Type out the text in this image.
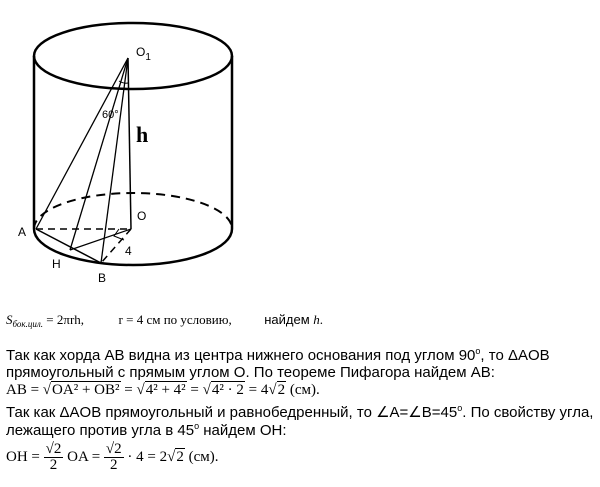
$O_1$
h
60°
O
A
H
B
4
$S_{бок.цил.} = 2\pi rh$,	r = 4 см по условию,	найдем h.
Так как хорда AB видна из центра нижнего основания под углом 90$^o$, то ΔAOB
прямоугольный с прямым углом O. По теореме Пифагора найдем AB:
AB = √OA² + OB² = √4² + 4² = √4² · 2 = 4√2 (см).
Так как ΔAOB прямоугольный и равнобедренный, то $\angle A=\angle B=45^o$. По свойству угла,
лежащего против угла в 45$^o$ найдем OH:
OH = $\frac{√2}{2}$ OA = $\frac{√2}{2} \cdot 4 = 2√2$ (см).
